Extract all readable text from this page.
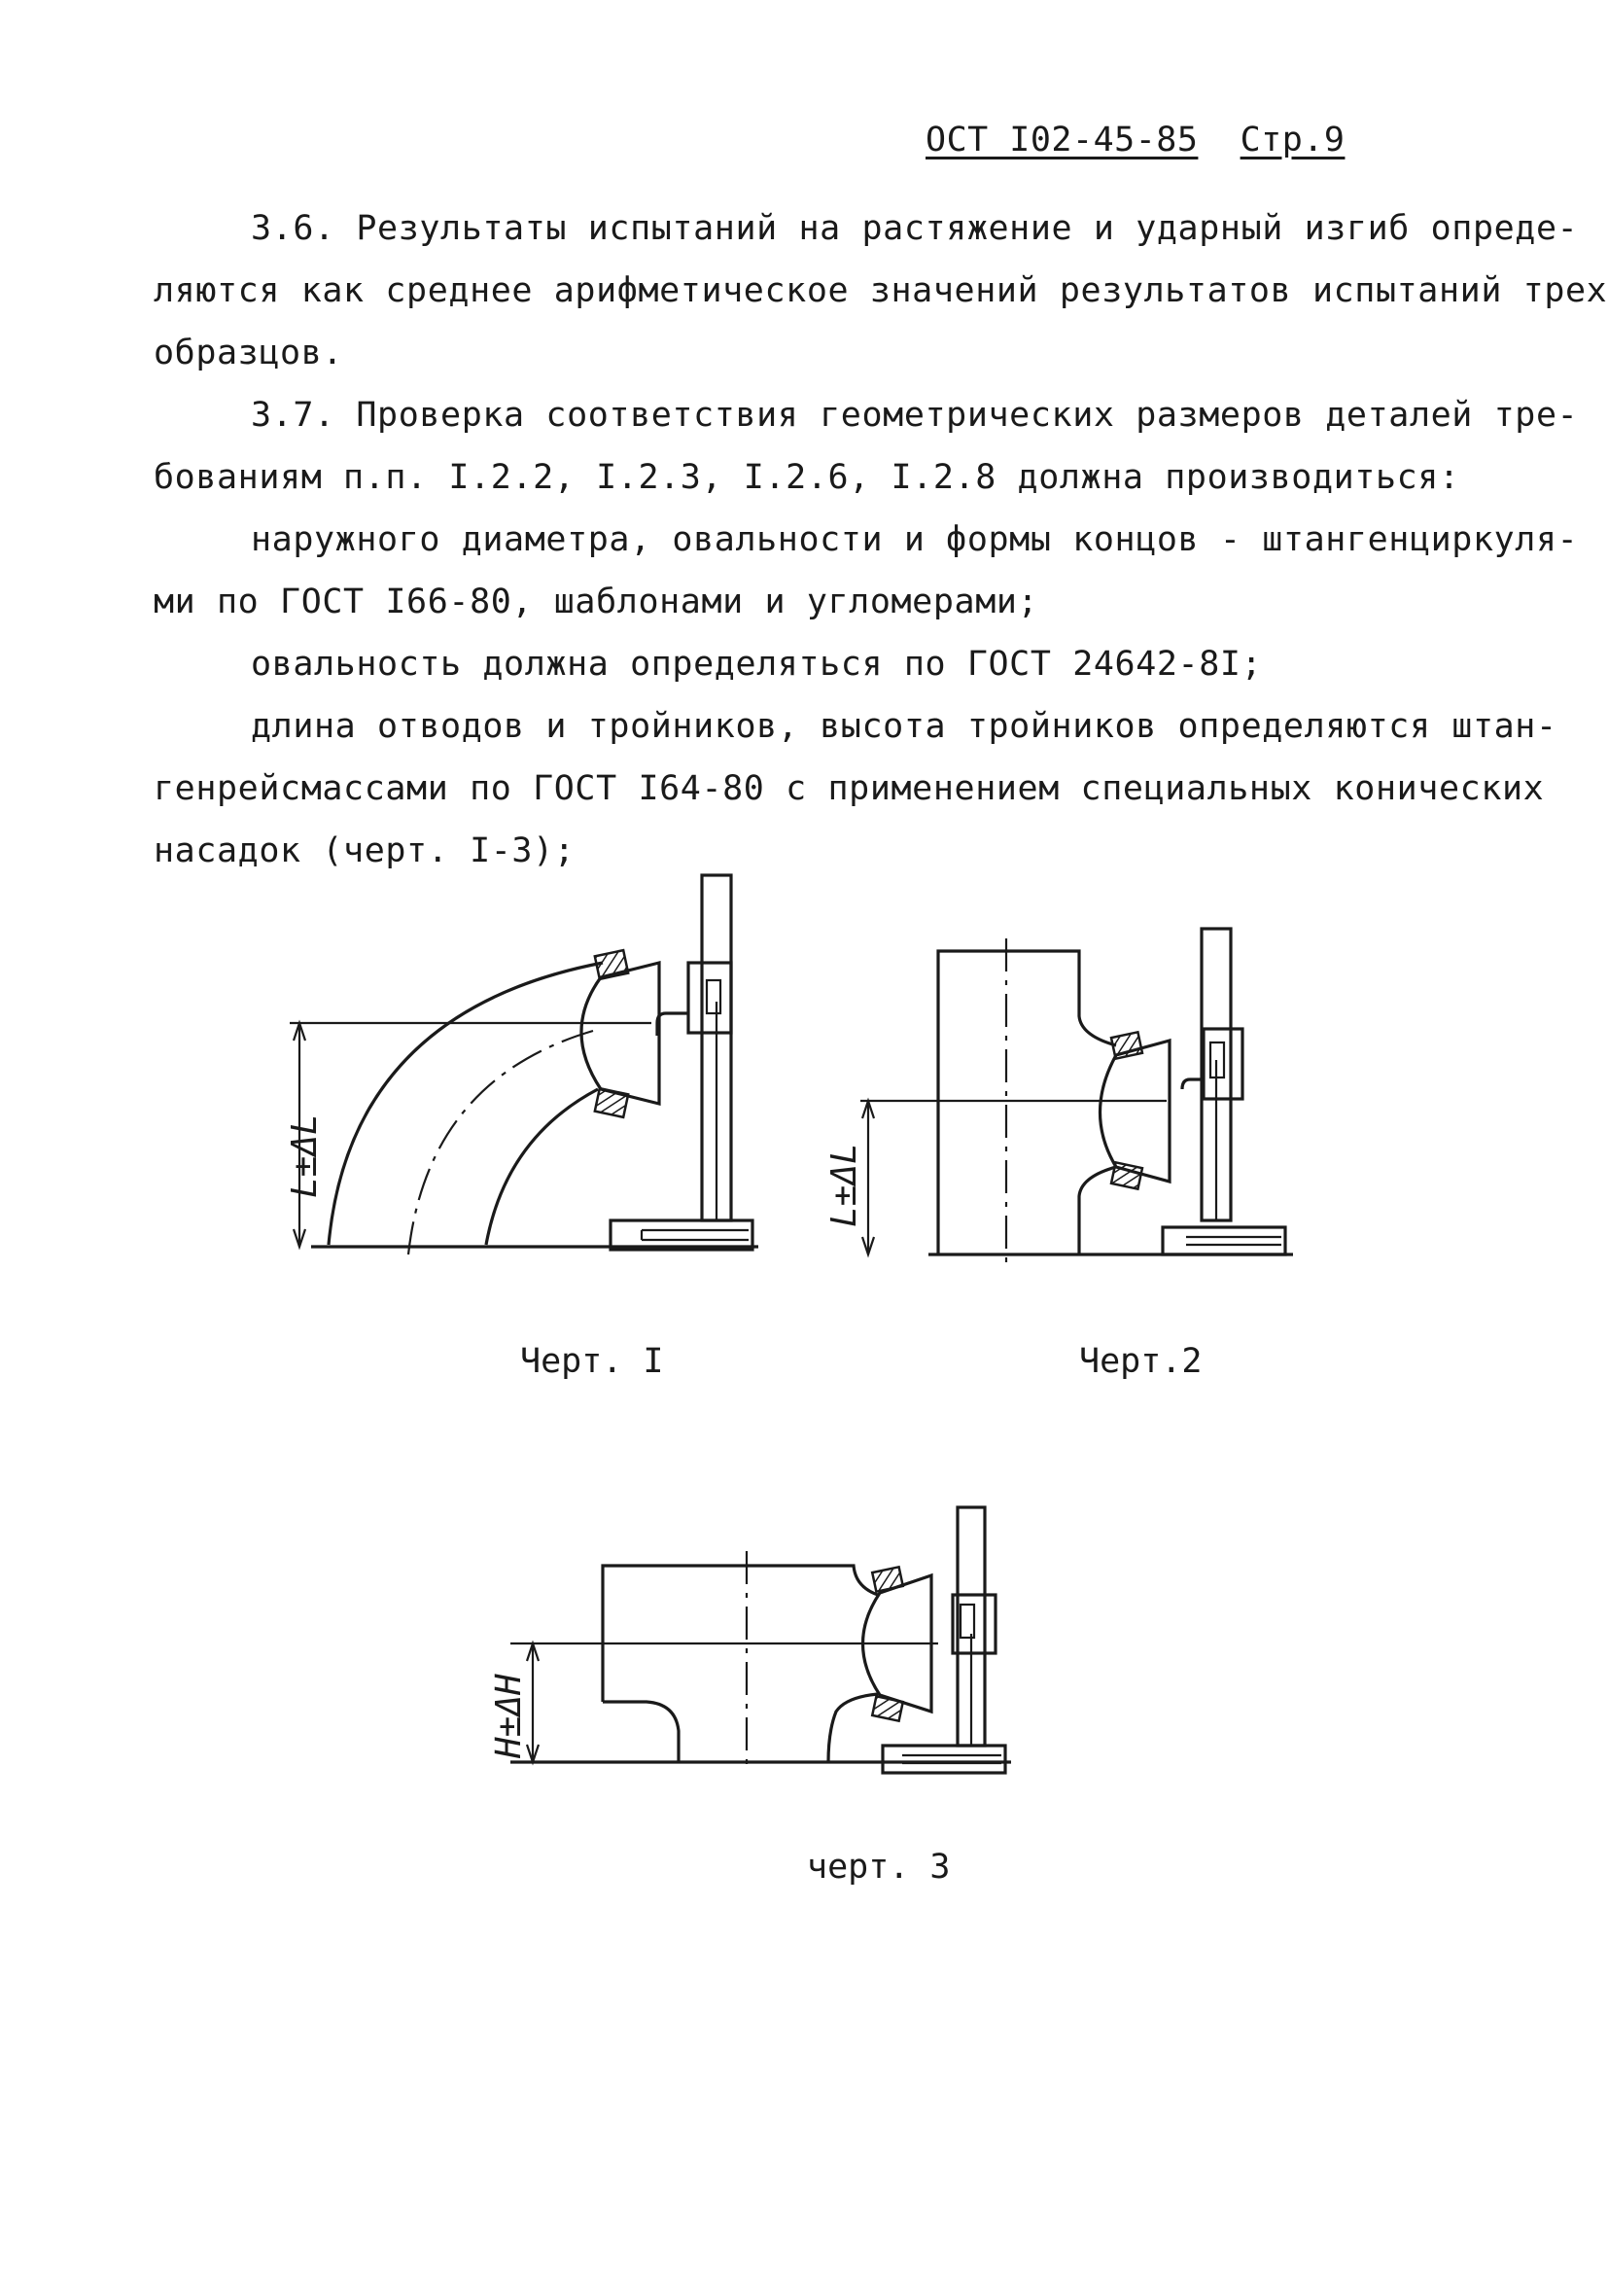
ОСТ I02-45-85 Стр.9
3.6. Результаты испытаний на растяжение и ударный изгиб опреде-
ляются как среднее арифметическое значений результатов испытаний трех
образцов.
3.7. Проверка соответствия геометрических размеров деталей тре-
бованиям п.п. I.2.2, I.2.3, I.2.6, I.2.8 должна производиться:
наружного диаметра, овальности и формы концов - штангенциркуля-
ми по ГОСТ I66-80, шаблонами и угломерами;
овальность должна определяться по ГОСТ 24642-8I;
длина отводов и тройников, высота тройников определяются штан-
генрейсмассами по ГОСТ I64-80 с применением специальных конических
насадок (черт. I-3);
L±ΔL	L±ΔL
H±ΔH
Черт. I	Черт.2
черт. 3
